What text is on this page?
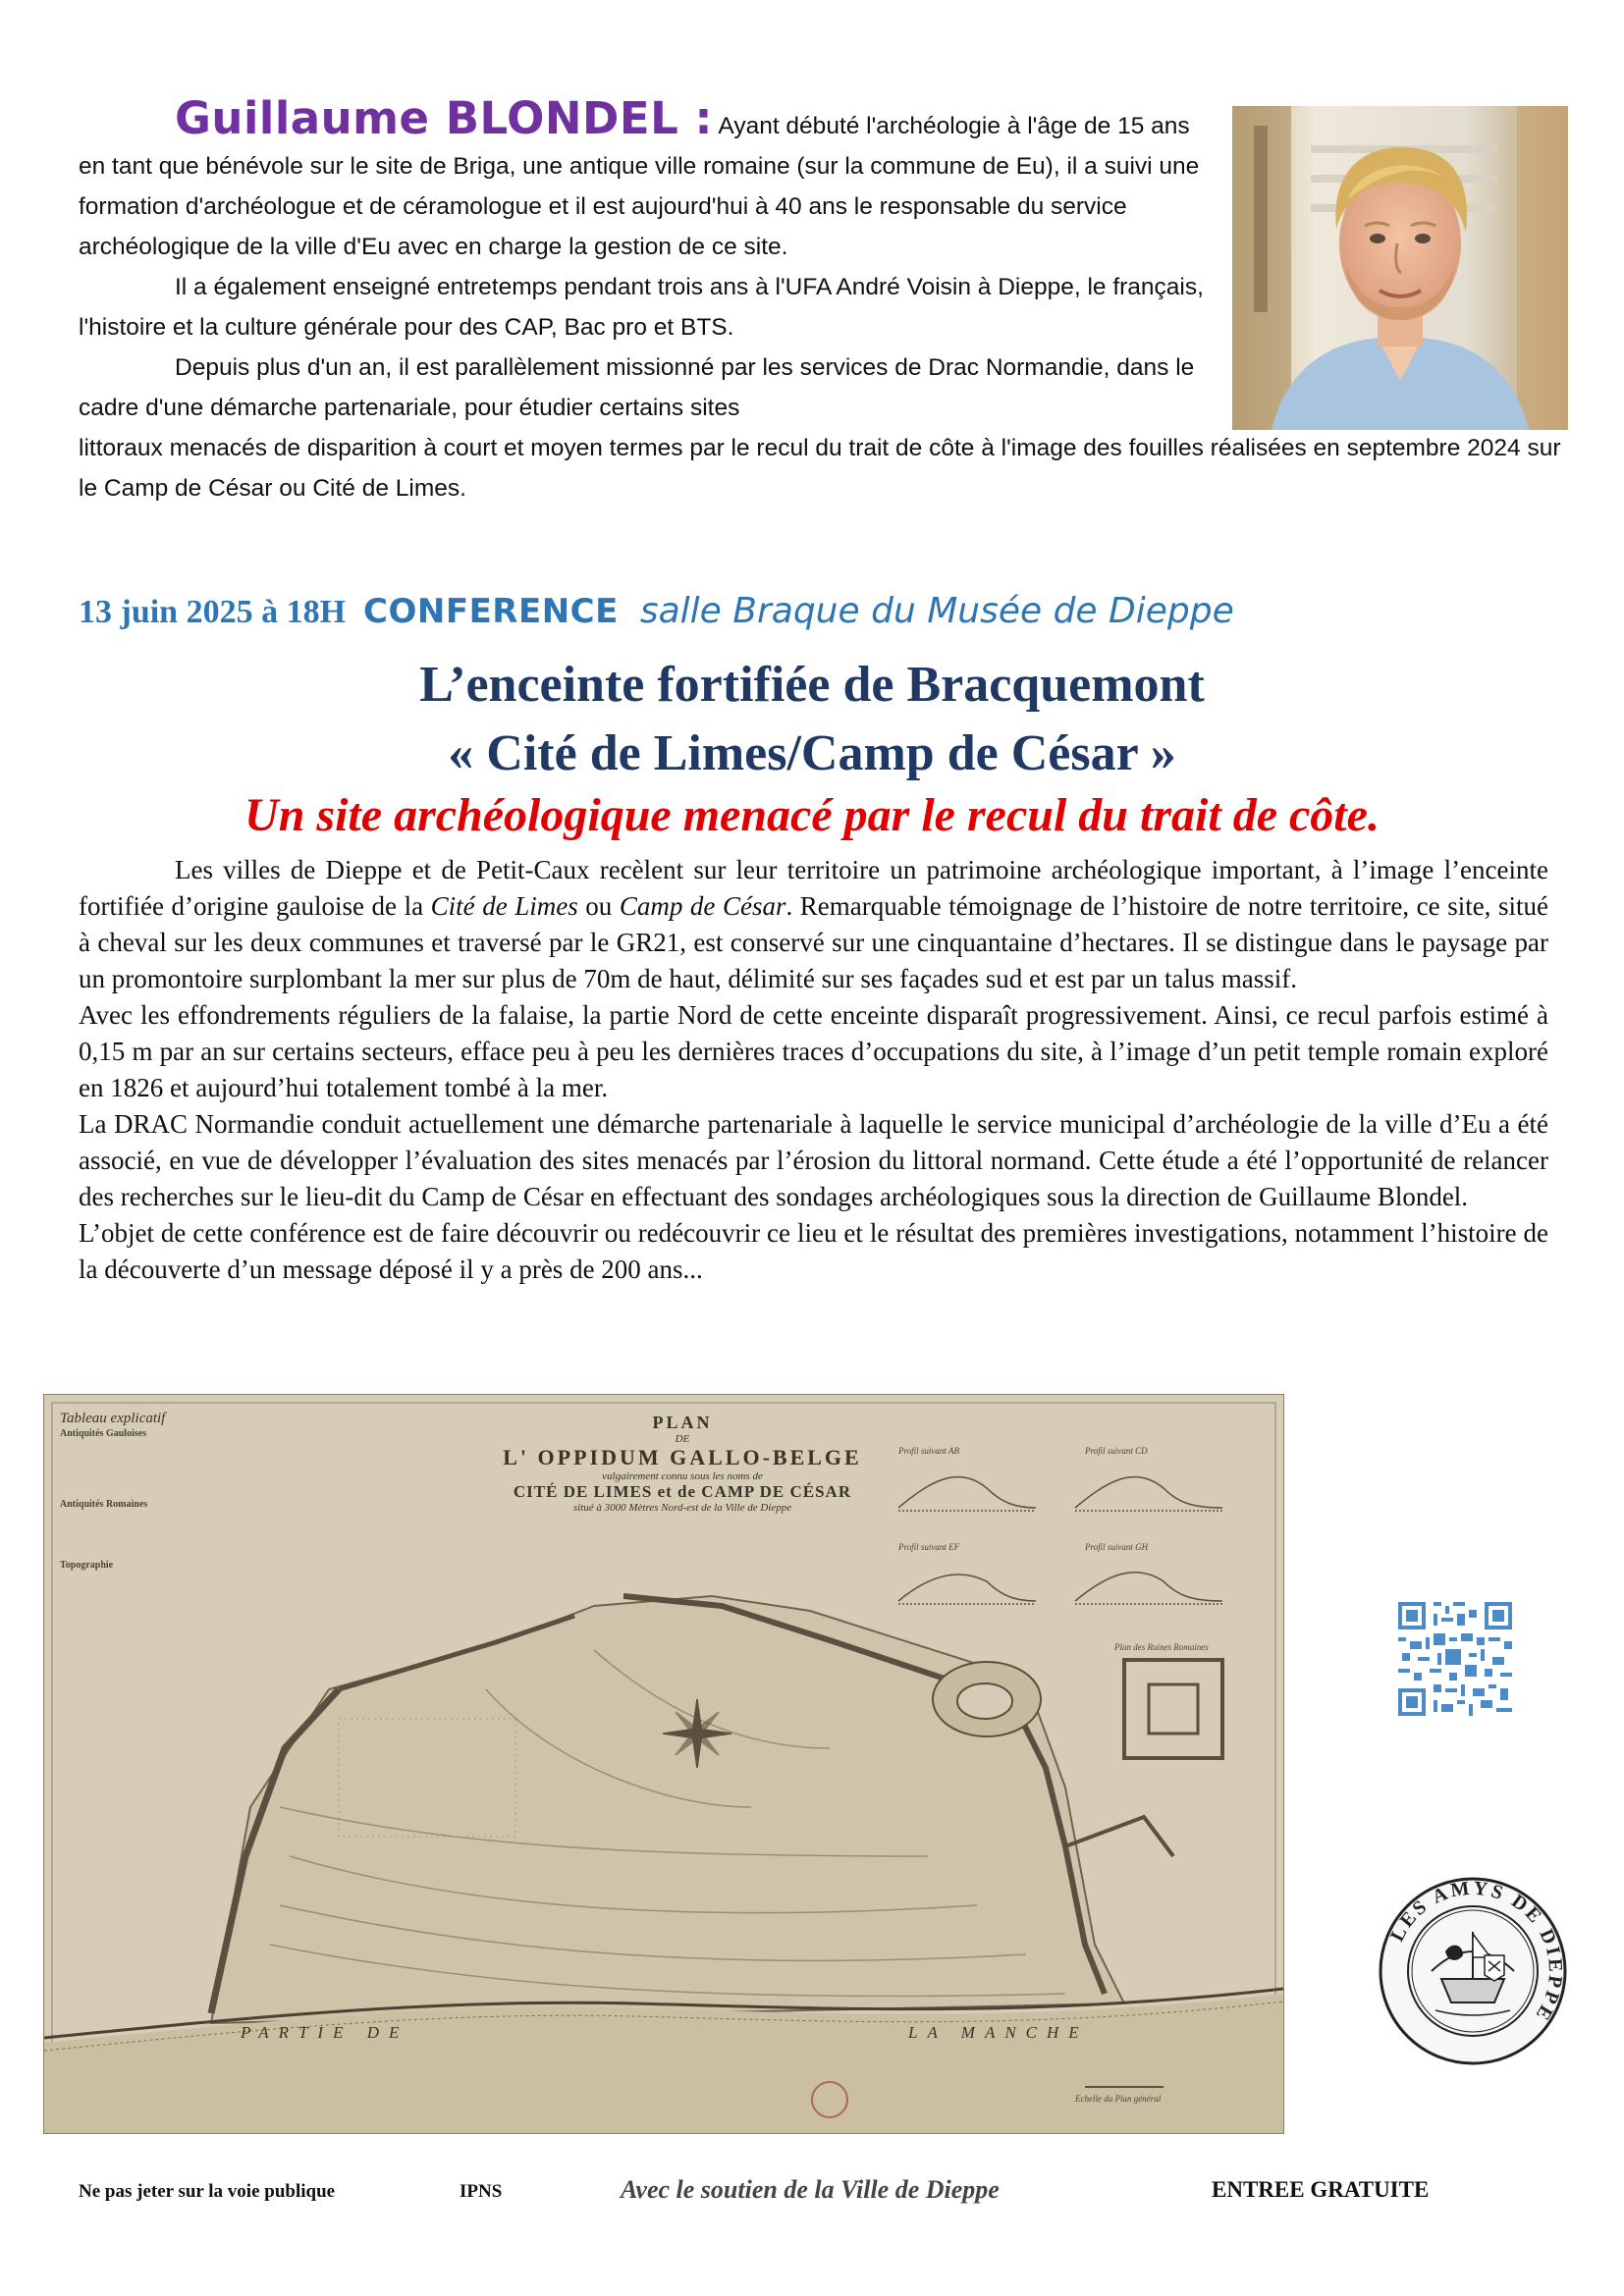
Guillaume BLONDEL : Ayant débuté l'archéologie à l'âge de 15 ans en tant que bénévole sur le site de Briga, une antique ville romaine (sur la commune de Eu), il a suivi une formation d'archéologue et de céramologue et il est aujourd'hui à 40 ans le responsable du service archéologique de la ville d'Eu avec en charge la gestion de ce site.

Il a également enseigné entretemps pendant trois ans à l'UFA André Voisin à Dieppe, le français, l'histoire et la culture générale pour des CAP, Bac pro et BTS.

Depuis plus d'un an, il est parallèlement missionné par les services de Drac Normandie, dans le cadre d'une démarche partenariale, pour étudier certains sites

littoraux menacés de disparition à court et moyen termes par le recul du trait de côte à l'image des fouilles réalisées en septembre 2024 sur le Camp de César ou Cité de Limes.

13 juin 2025 à 18H CONFERENCE salle Braque du Musée de Dieppe
L’enceinte fortifiée de Bracquemont
« Cité de Limes/Camp de César »
Un site archéologique menacé par le recul du trait de côte.

Les villes de Dieppe et de Petit-Caux recèlent sur leur territoire un patrimoine archéologique important, à l’image l’enceinte fortifiée d’origine gauloise de la Cité de Limes ou Camp de César. Remarquable témoignage de l’histoire de notre territoire, ce site, situé à cheval sur les deux communes et traversé par le GR21, est conservé sur une cinquantaine d’hectares. Il se distingue dans le paysage par un promontoire surplombant la mer sur plus de 70m de haut, délimité sur ses façades sud et est par un talus massif.

Avec les effondrements réguliers de la falaise, la partie Nord de cette enceinte disparaît progressivement. Ainsi, ce recul parfois estimé à 0,15 m par an sur certains secteurs, efface peu à peu les dernières traces d’occupations du site, à l’image d’un petit temple romain exploré en 1826 et aujourd’hui totalement tombé à la mer.

La DRAC Normandie conduit actuellement une démarche partenariale à laquelle le service municipal d’archéologie de la ville d’Eu a été associé, en vue de développer l’évaluation des sites menacés par l’érosion du littoral normand. Cette étude a été l’opportunité de relancer des recherches sur le lieu-dit du Camp de César en effectuant des sondages archéologiques sous la direction de Guillaume Blondel.

L’objet de cette conférence est de faire découvrir ou redécouvrir ce lieu et le résultat des premières investigations, notamment l’histoire de la découverte d’un message déposé il y a près de 200 ans...

Tableau explicatif
Antiquités Gauloises
Antiquités Romaines
Topographie
PLAN
DE
L' OPPIDUM GALLO-BELGE
vulgairement connu sous les noms de
CITÉ DE LIMES et de CAMP DE CÉSAR
situé à 3000 Mètres Nord-est de la Ville de Dieppe
Profil suivant AB	Profil suivant CD
Profil suivant EF	Profil suivant GH
Plan des Ruines Romaines
Echelle du Plan général
PARTIE DE	LA MANCHE
LES AMYS DE DIEPPE
Ne pas jeter sur la voie publique	IPNS	Avec le soutien de la Ville de Dieppe	ENTREE GRATUITE
